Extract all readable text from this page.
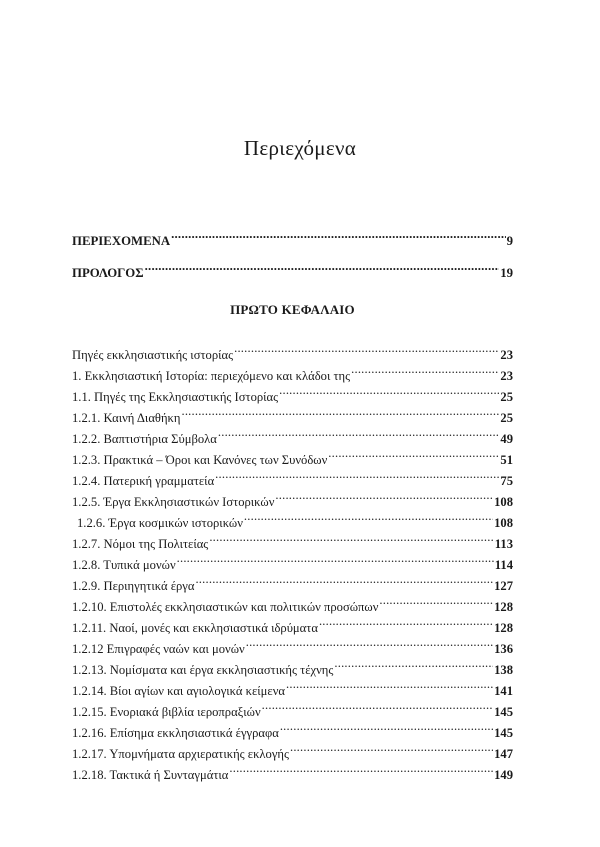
Περιεχόμενα
ΠΕΡΙΕΧΟΜΕΝΑ .....	9
ΠΡΟΛΟΓΟΣ .....	19
ΠΡΩΤΟ ΚΕΦΑΛΑΙΟ
Πηγές εκκλησιαστικής ιστορίας .....	23
1. Εκκλησιαστική Ιστορία: περιεχόμενο και κλάδοι της .....	23
1.1. Πηγές της Εκκλησιαστικής Ιστορίας .....	25
1.2.1. Καινή Διαθήκη .....	25
1.2.2. Βαπτιστήρια Σύμβολα .....	49
1.2.3. Πρακτικά – Όροι και Κανόνες των Συνόδων .....	51
1.2.4. Πατερική γραμματεία .....	75
1.2.5. Έργα Εκκλησιαστικών Ιστορικών .....	108
1.2.6. Έργα κοσμικών ιστορικών .....	108
1.2.7. Νόμοι της Πολιτείας .....	113
1.2.8. Τυπικά μονών .....	114
1.2.9. Περιηγητικά έργα .....	127
1.2.10. Επιστολές εκκλησιαστικών και πολιτικών προσώπων .....	128
1.2.11. Ναοί, μονές και εκκλησιαστικά ιδρύματα .....	128
1.2.12 Επιγραφές ναών και μονών .....	136
1.2.13. Νομίσματα και έργα εκκλησιαστικής τέχνης .....	138
1.2.14. Βίοι αγίων και αγιολογικά κείμενα .....	141
1.2.15. Ενοριακά βιβλία ιεροπραξιών .....	145
1.2.16. Επίσημα εκκλησιαστικά έγγραφα .....	145
1.2.17. Υπομνήματα αρχιερατικής εκλογής .....	147
1.2.18. Τακτικά ή Συνταγμάτια .....	149
